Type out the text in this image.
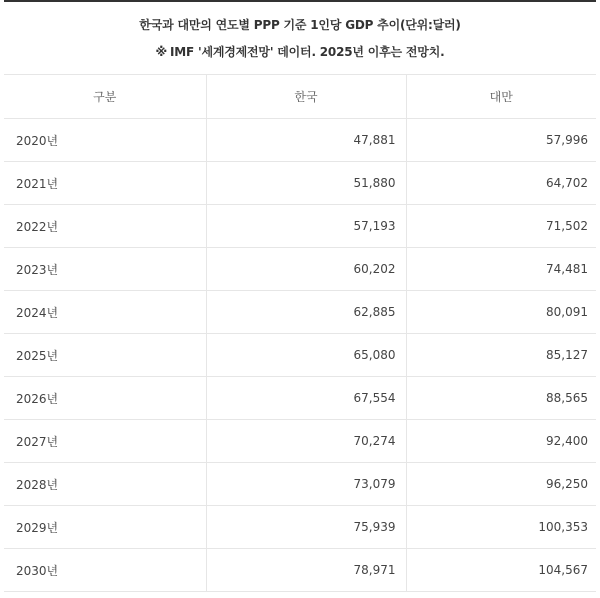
한국과 대만의 연도별 PPP 기준 1인당 GDP 추이(단위:달러)
※ IMF '세계경제전망' 데이터. 2025년 이후는 전망치.
구분	한국	대만
2020년	47,881	57,996
2021년	51,880	64,702
2022년	57,193	71,502
2023년	60,202	74,481
2024년	62,885	80,091
2025년	65,080	85,127
2026년	67,554	88,565
2027년	70,274	92,400
2028년	73,079	96,250
2029년	75,939	100,353
2030년	78,971	104,567
